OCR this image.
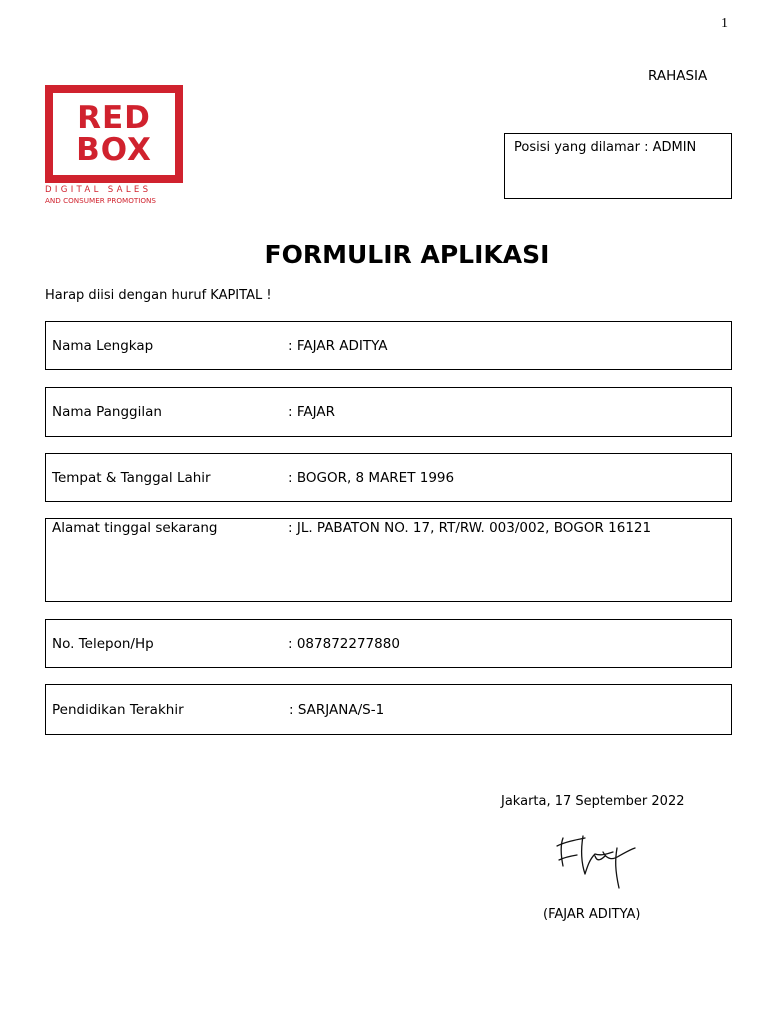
1
RAHASIA
RED
BOX
DIGITAL SALES
AND CONSUMER PROMOTIONS
Posisi yang dilamar : ADMIN
FORMULIR APLIKASI
Harap diisi dengan huruf KAPITAL !
Nama Lengkap	: FAJAR ADITYA
Nama Panggilan	: FAJAR
Tempat & Tanggal Lahir	: BOGOR, 8 MARET 1996
Alamat tinggal sekarang	: JL. PABATON NO. 17, RT/RW. 003/002, BOGOR 16121
No. Telepon/Hp	: 087872277880
Pendidikan Terakhir	: SARJANA/S-1
Jakarta, 17 September 2022
(FAJAR ADITYA)
